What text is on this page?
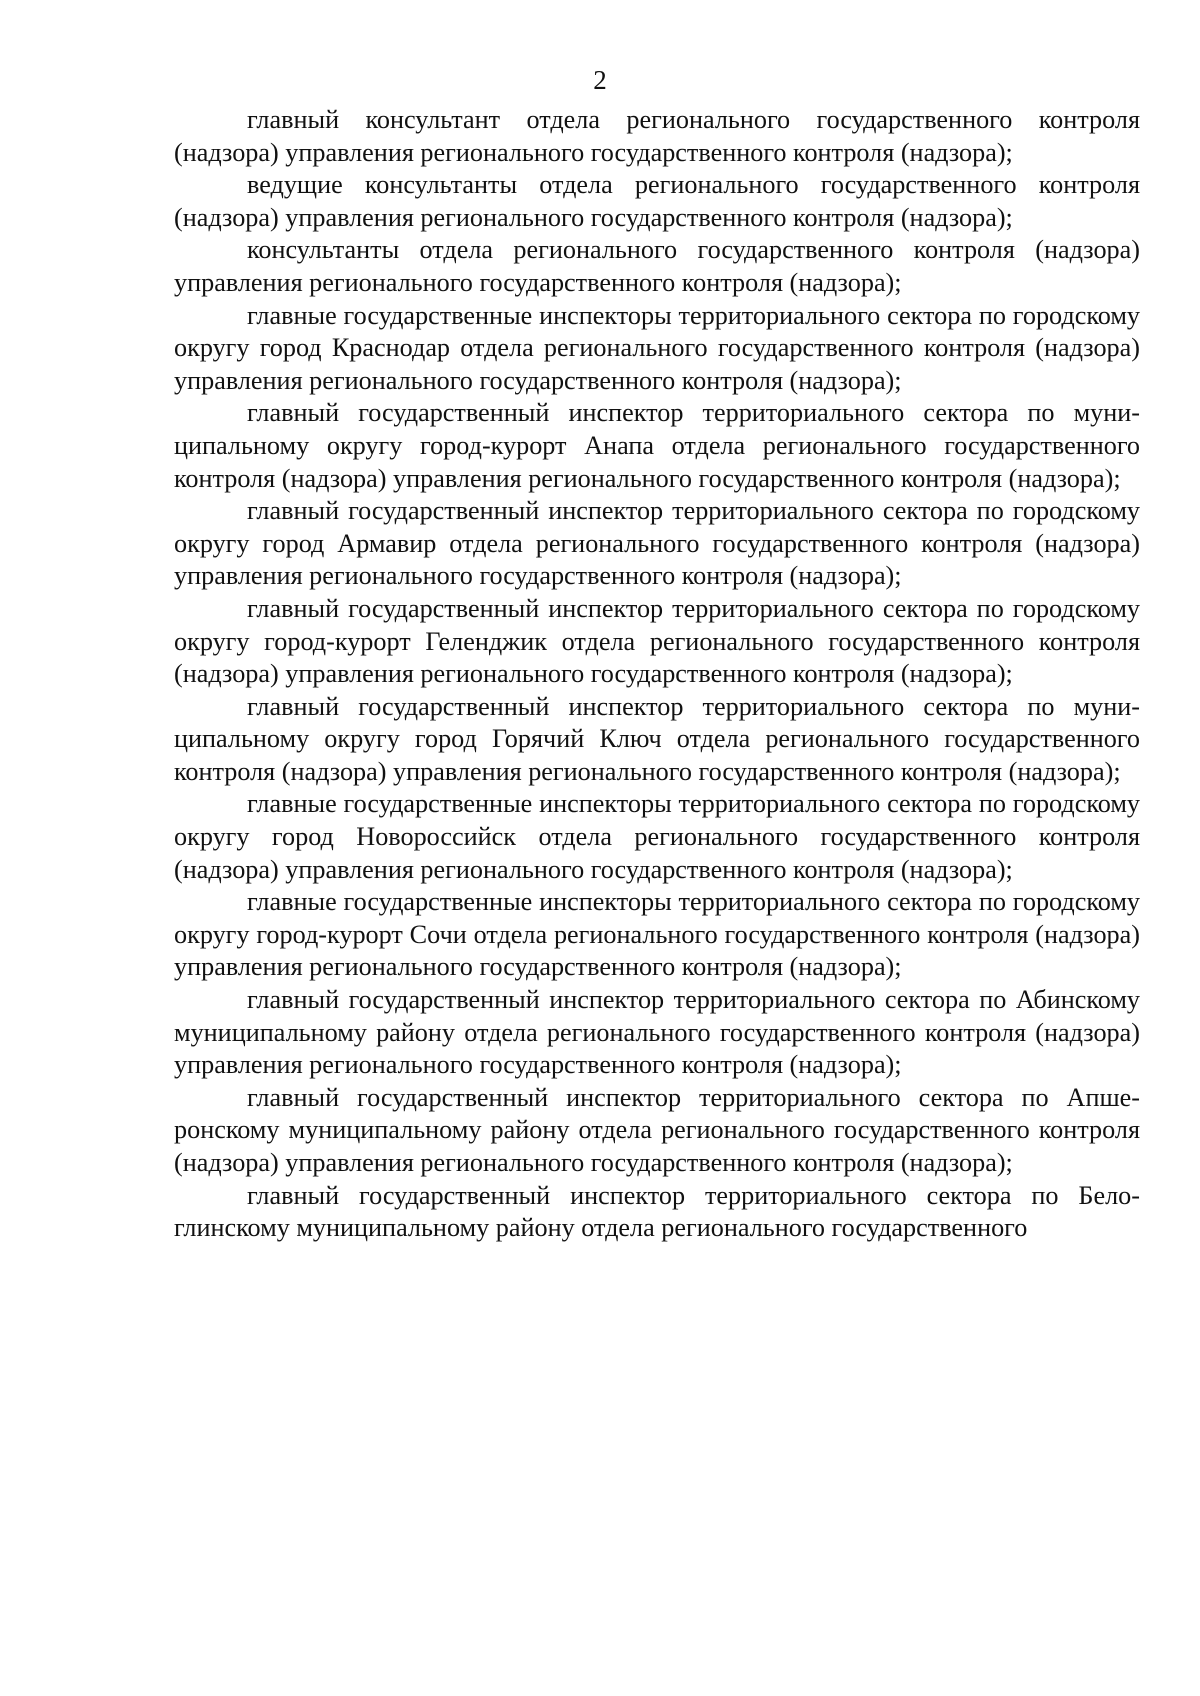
2

главный консультант отдела регионального государственного контроля (надзора) управления регионального государственного контроля (надзора);

ведущие консультанты отдела регионального государственного контроля (надзора) управления регионального государственного контроля (надзора);

консультанты отдела регионального государственного контроля (надзора) управления регионального государственного контроля (надзора);

главные государственные инспекторы территориального сектора по городскому округу город Краснодар отдела регионального государственного контроля (надзора) управления регионального государственного контроля (надзора);

главный государственный инспектор территориального сектора по муниципальному округу город-курорт Анапа отдела регионального государственного контроля (надзора) управления регионального государственного контроля (надзора);

главный государственный инспектор территориального сектора по городскому округу город Армавир отдела регионального государственного контроля (надзора) управления регионального государственного контроля (надзора);

главный государственный инспектор территориального сектора по городскому округу город-курорт Геленджик отдела регионального государственного контроля (надзора) управления регионального государственного контроля (надзора);

главный государственный инспектор территориального сектора по муниципальному округу город Горячий Ключ отдела регионального государственного контроля (надзора) управления регионального государственного контроля (надзора);

главные государственные инспекторы территориального сектора по городскому округу город Новороссийск отдела регионального государственного контроля (надзора) управления регионального государственного контроля (надзора);

главные государственные инспекторы территориального сектора по городскому округу город-курорт Сочи отдела регионального государственного контроля (надзора) управления регионального государственного контроля (надзора);

главный государственный инспектор территориального сектора по Абинскому муниципальному району отдела регионального государственного контроля (надзора) управления регионального государственного контроля (надзора);

главный государственный инспектор территориального сектора по Апшеронскому муниципальному району отдела регионального государственного контроля (надзора) управления регионального государственного контроля (надзора);

главный государственный инспектор территориального сектора по Белоглинскому муниципальному району отдела регионального государственного
